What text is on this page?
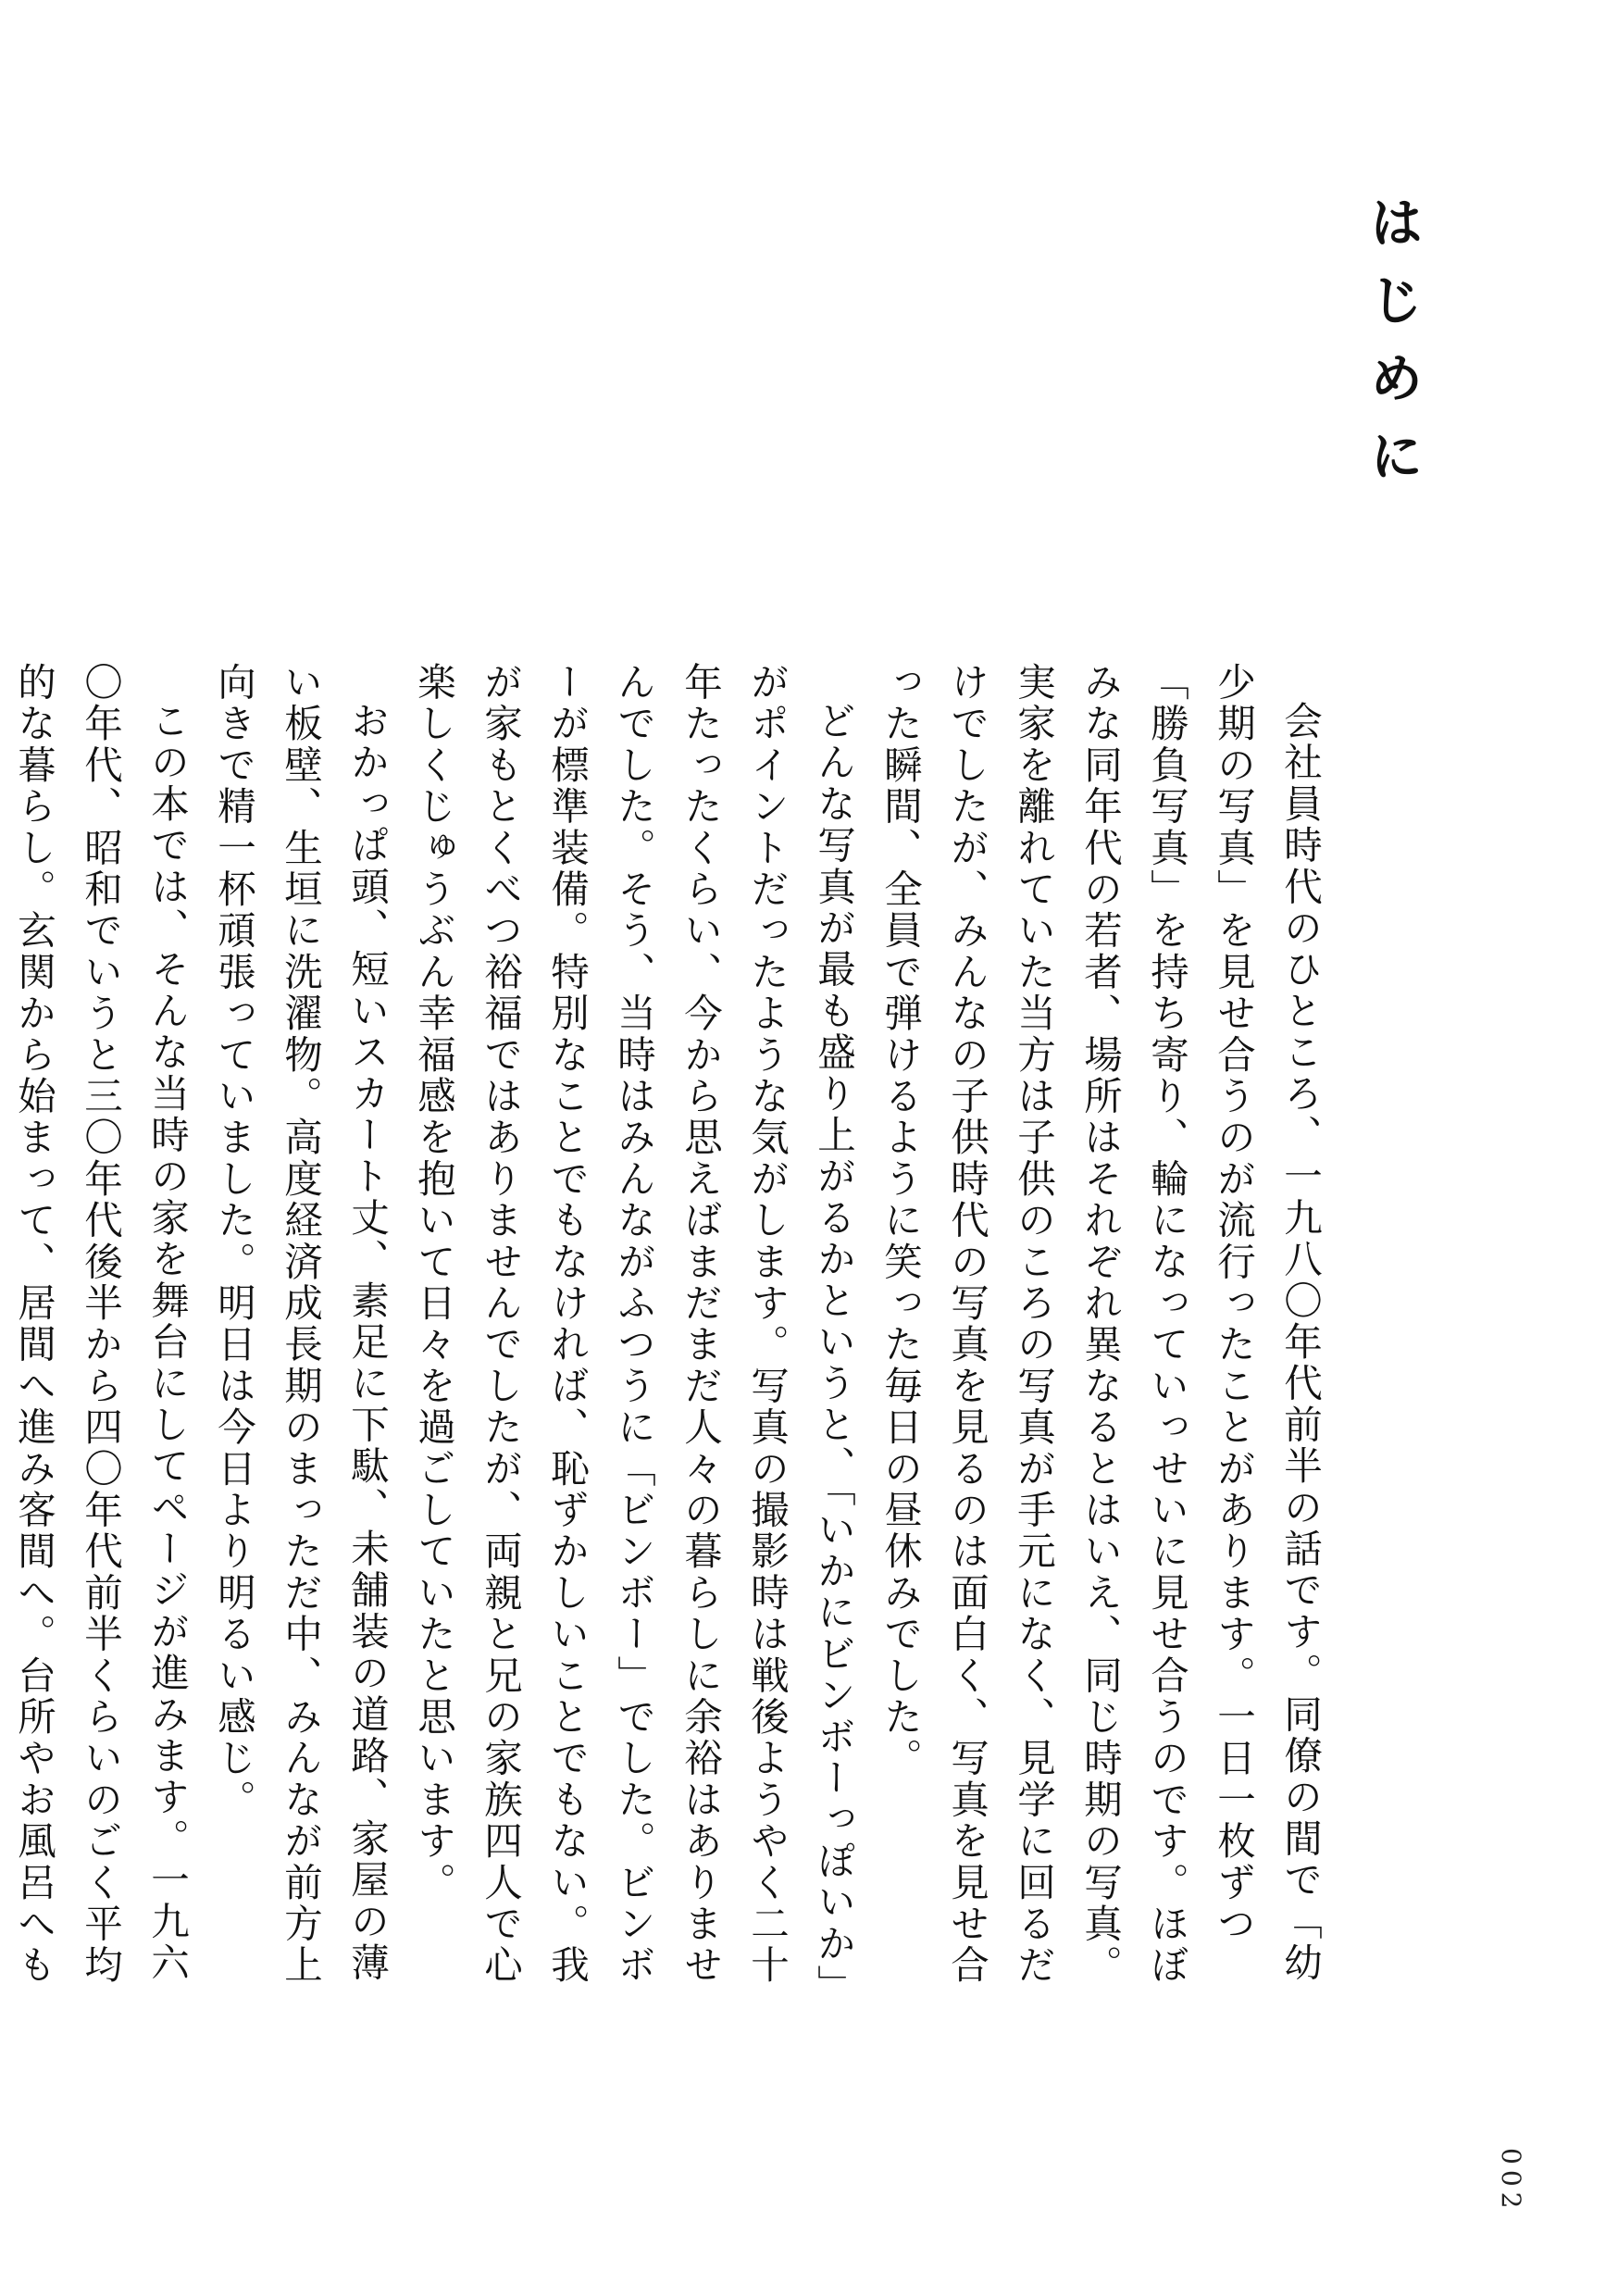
はじめに

会社員時代のひところ、一九八〇年代前半の話です。同僚の間で「幼少期の写真」を見せ合うのが流行ったことがあります。一日一枚ずつ「勝負写真」を持ち寄り、輪になっていっせいに見せ合うのです。ほぼみな同年代の若者、場所はそれぞれ異なるとはいえ、同じ時期の写真。実家を離れていた当方は子供のころの写真が手元になく、見学に回るだけでしたが、みんなの子供時代の写真を見るのは面白く、写真を見せ合った瞬間、全員で弾けるように笑った毎日の昼休みでした。

どんな写真が最も盛り上がるかというと、「いかにビンボーっぽいか」がポイントだったような気がします。写真の撮影時は戦後ようやく二十年たったくらい、今から思えばまだまだ人々の暮らしに余裕はありませんでした。そう、当時はみんながふつうに「ビンボー」でした。ビンボーが標準装備。特別なことでもなければ、恥ずかしいことでもない。我が家もとくべつ裕福ではありませんでしたが、両親と兄の家族四人で心楽しくじゅうぶん幸福感を抱いて日々を過ごしていたと思います。

おかっぱ頭、短いスカート丈、素足に下駄、未舗装の道路、家屋の薄い板壁、生垣に洗濯物。高度経済成長期のまっただ中、みんなが前方上向きで精一杯頑張っていました。明日は今日より明るい感じ。

この本では、そんな当時の家を舞台にしてページが進みます。一九六〇年代、昭和でいうと三〇年代後半から四〇年代前半くらいのごく平均的な暮らし。玄関から始まって、居間へ進み客間へ。台所やお風呂へも

002
